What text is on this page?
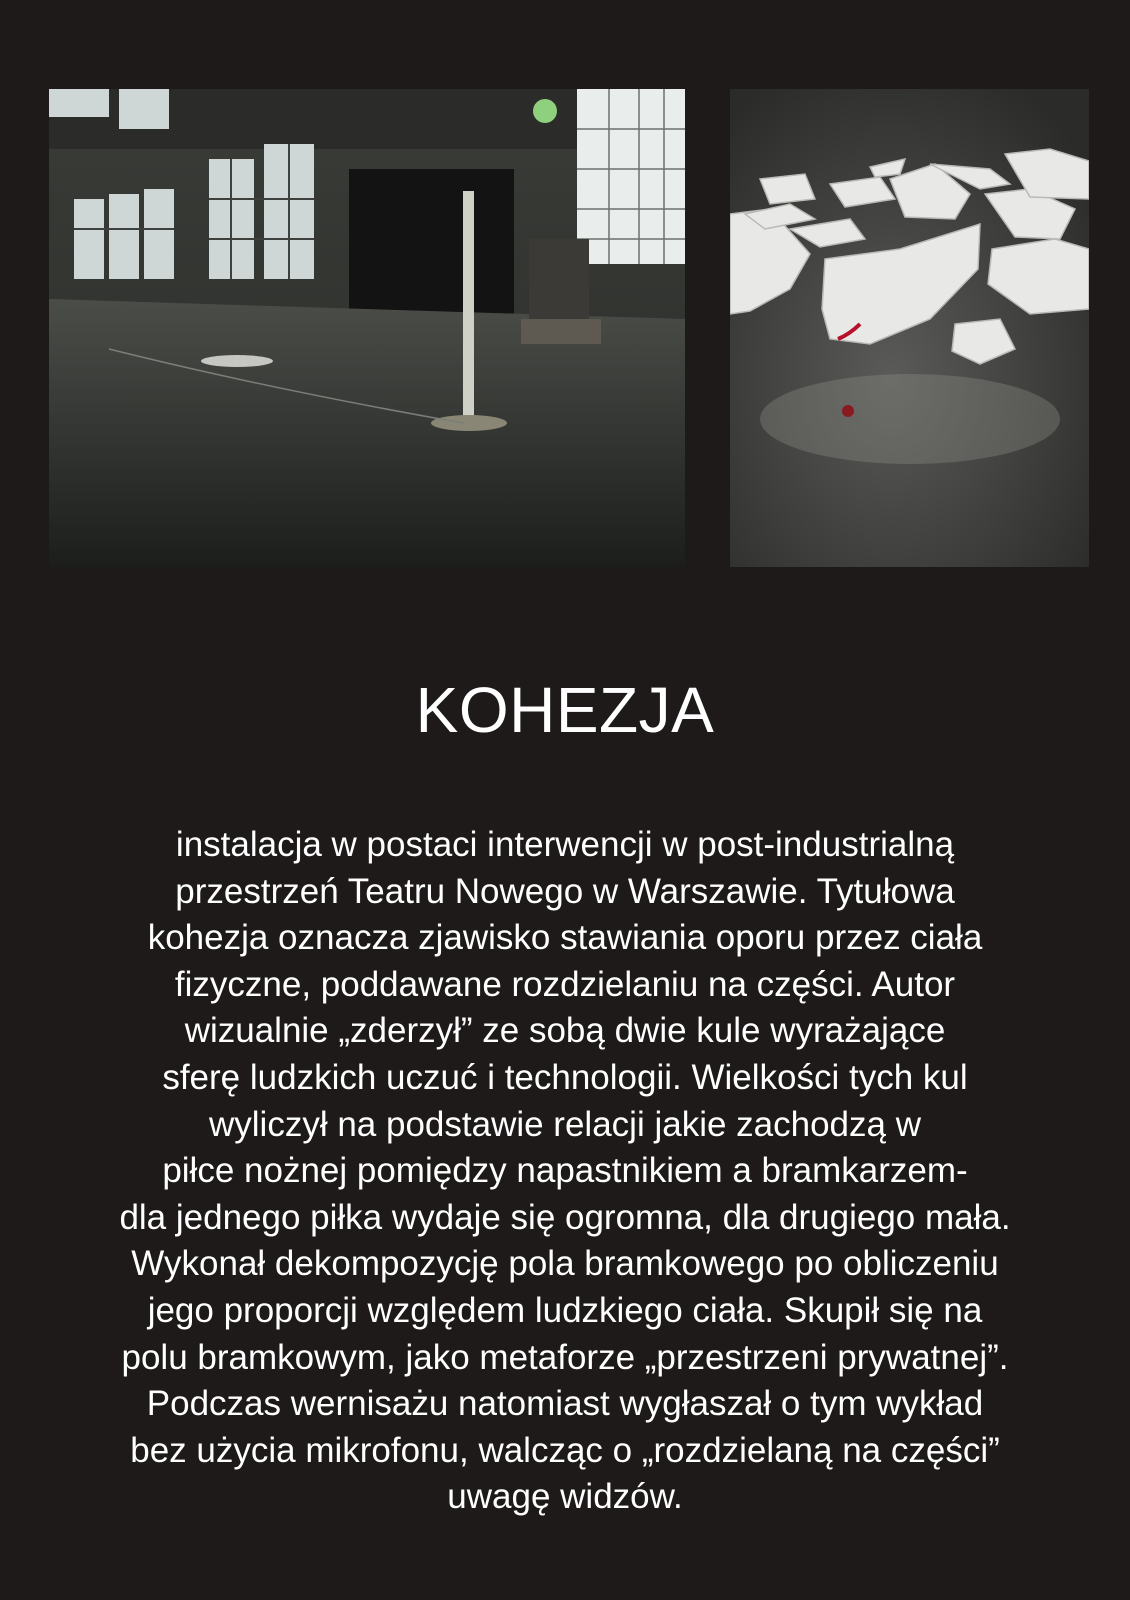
KOHEZJA
instalacja w postaci interwencji w post-industrialną
przestrzeń Teatru Nowego w Warszawie. Tytułowa
kohezja oznacza zjawisko stawiania oporu przez ciała
fizyczne, poddawane rozdzielaniu na części. Autor
wizualnie „zderzył” ze sobą dwie kule wyrażające
sferę ludzkich uczuć i technologii. Wielkości tych kul
wyliczył na podstawie relacji jakie zachodzą w
piłce nożnej pomiędzy napastnikiem a bramkarzem-
dla jednego piłka wydaje się ogromna, dla drugiego mała.
Wykonał dekompozycję pola bramkowego po obliczeniu
jego proporcji względem ludzkiego ciała. Skupił się na
polu bramkowym, jako metaforze „przestrzeni prywatnej”.
Podczas wernisażu natomiast wygłaszał o tym wykład
bez użycia mikrofonu, walcząc o „rozdzielaną na części”
uwagę widzów.
